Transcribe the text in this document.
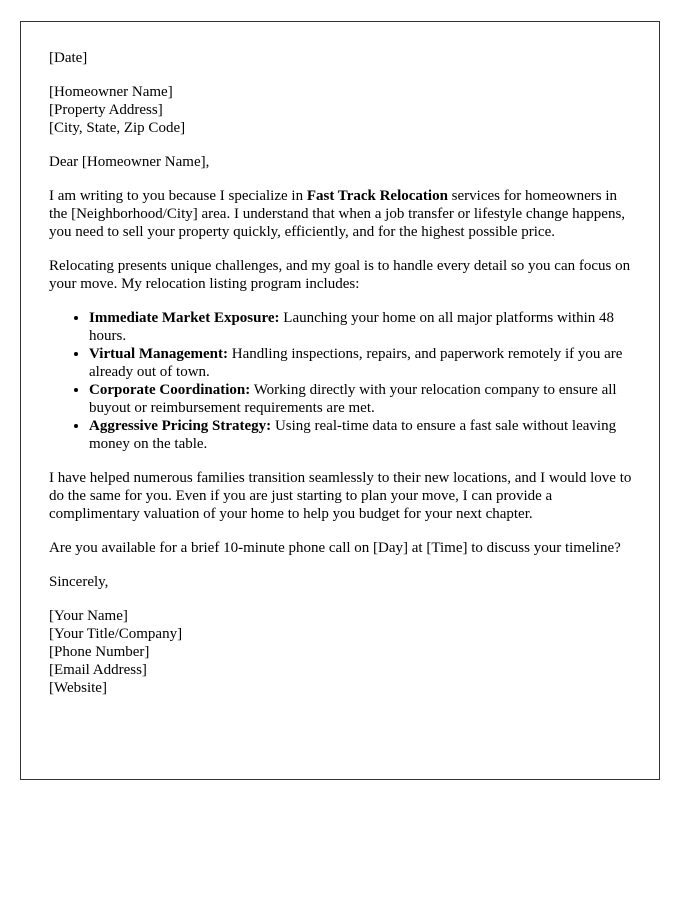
[Date]

[Homeowner Name]
[Property Address]
[City, State, Zip Code]

Dear [Homeowner Name],

I am writing to you because I specialize in Fast Track Relocation services for homeowners in the [Neighborhood/City] area. I understand that when a job transfer or lifestyle change happens, you need to sell your property quickly, efficiently, and for the highest possible price.

Relocating presents unique challenges, and my goal is to handle every detail so you can focus on your move. My relocation listing program includes:

• Immediate Market Exposure: Launching your home on all major platforms within 48 hours.
• Virtual Management: Handling inspections, repairs, and paperwork remotely if you are already out of town.
• Corporate Coordination: Working directly with your relocation company to ensure all buyout or reimbursement requirements are met.
• Aggressive Pricing Strategy: Using real-time data to ensure a fast sale without leaving money on the table.

I have helped numerous families transition seamlessly to their new locations, and I would love to do the same for you. Even if you are just starting to plan your move, I can provide a complimentary valuation of your home to help you budget for your next chapter.

Are you available for a brief 10-minute phone call on [Day] at [Time] to discuss your timeline?

Sincerely,

[Your Name]
[Your Title/Company]
[Phone Number]
[Email Address]
[Website]
